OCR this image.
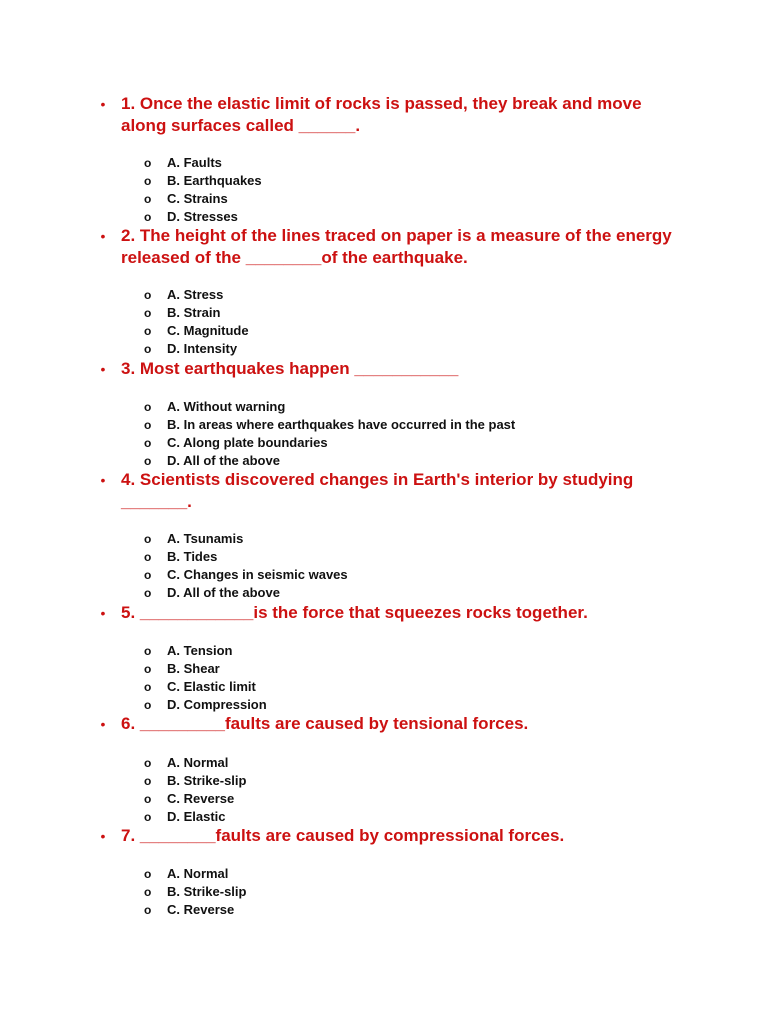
•
1. Once the elastic limit of rocks is passed, they break and move along surfaces called ______.
o A. Faults
o B. Earthquakes
o C. Strains
o D. Stresses
•
2. The height of the lines traced on paper is a measure of the energy released of the ________of the earthquake.
o A. Stress
o B. Strain
o C. Magnitude
o D. Intensity
•
3. Most earthquakes happen ___________
o A. Without warning
o B. In areas where earthquakes have occurred in the past
o C. Along plate boundaries
o D. All of the above
•
4. Scientists discovered changes in Earth's interior by studying _______.
o A. Tsunamis
o B. Tides
o C. Changes in seismic waves
o D. All of the above
•
5. ____________is the force that squeezes rocks together.
o A. Tension
o B. Shear
o C. Elastic limit
o D. Compression
•
6. _________faults are caused by tensional forces.
o A. Normal
o B. Strike-slip
o C. Reverse
o D. Elastic
•
7. ________faults are caused by compressional forces.
o A. Normal
o B. Strike-slip
o C. Reverse
